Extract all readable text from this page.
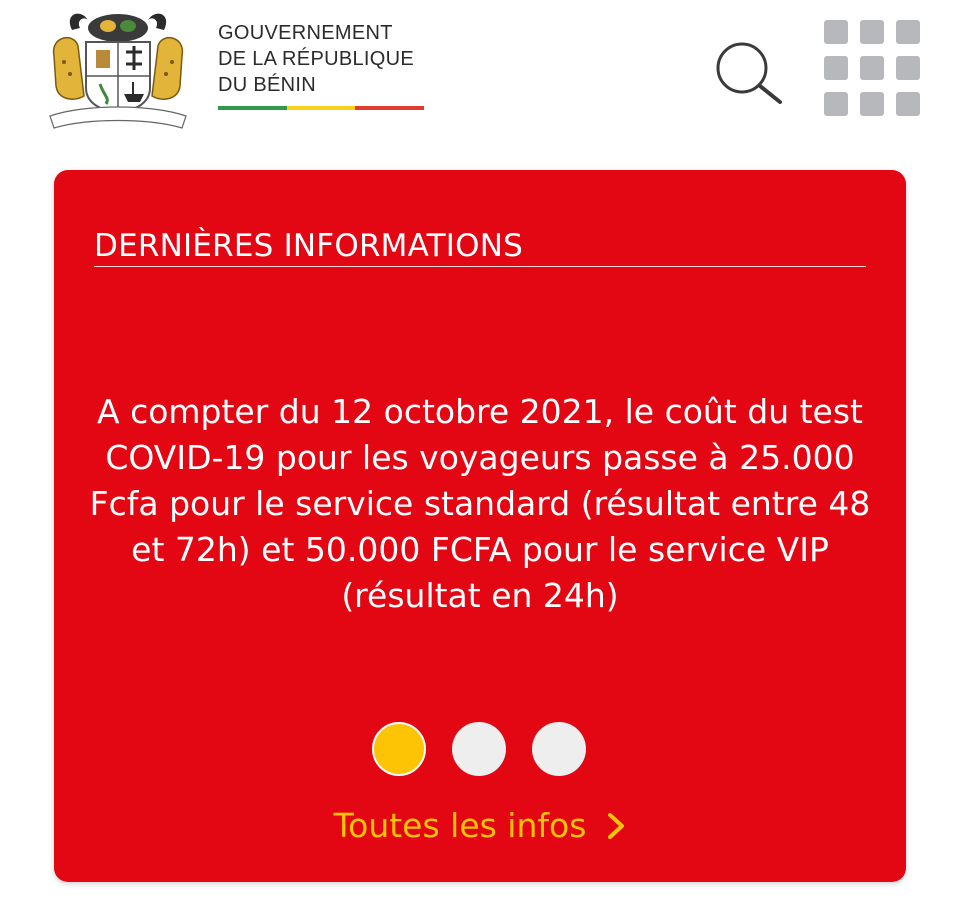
GOUVERNEMENT
DE LA RÉPUBLIQUE
DU BÉNIN
DERNIÈRES INFORMATIONS

A compter du 12 octobre 2021, le coût du test COVID-19 pour les voyageurs passe à 25.000 Fcfa pour le service standard (résultat entre 48 et 72h) et 50.000 FCFA pour le service VIP (résultat en 24h)

Toutes les infos
